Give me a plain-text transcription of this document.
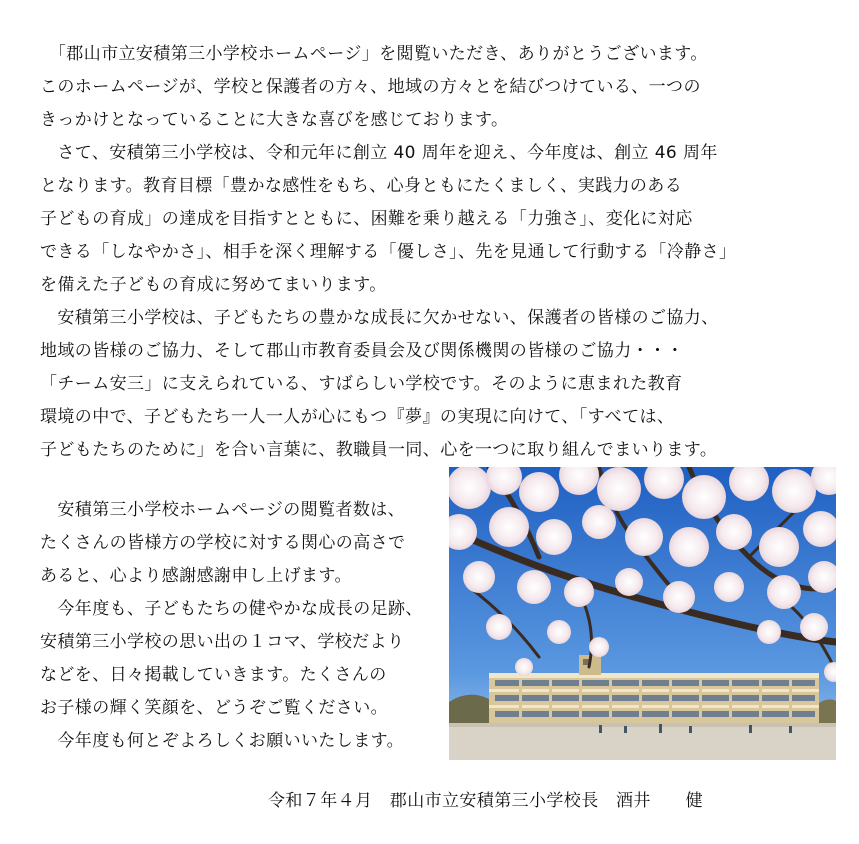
　「郡山市立安積第三小学校ホームページ」を閲覧いただき、ありがとうございます。
このホームページが、学校と保護者の方々、地域の方々とを結びつけている、一つの
きっかけとなっていることに大きな喜びを感じております。
　さて、安積第三小学校は、令和元年に創立 40 周年を迎え、今年度は、創立 46 周年
となります。教育目標「豊かな感性をもち、心身ともにたくましく、実践力のある
子どもの育成」の達成を目指すとともに、困難を乗り越える「力強さ」、変化に対応
できる「しなやかさ」、相手を深く理解する「優しさ」、先を見通して行動する「冷静さ」
を備えた子どもの育成に努めてまいります。
　安積第三小学校は、子どもたちの豊かな成長に欠かせない、保護者の皆様のご協力、
地域の皆様のご協力、そして郡山市教育委員会及び関係機関の皆様のご協力・・・
「チーム安三」に支えられている、すばらしい学校です。そのように恵まれた教育
環境の中で、子どもたち一人一人が心にもつ『夢』の実現に向けて、「すべては、
子どもたちのために」を合い言葉に、教職員一同、心を一つに取り組んでまいります。
　安積第三小学校ホームページの閲覧者数は、
たくさんの皆様方の学校に対する関心の高さで
あると、心より感謝感謝申し上げます。
　今年度も、子どもたちの健やかな成長の足跡、
安積第三小学校の思い出の１コマ、学校だより
などを、日々掲載していきます。たくさんの
お子様の輝く笑顔を、どうぞご覧ください。
　今年度も何とぞよろしくお願いいたします。
令和７年４月　郡山市立安積第三小学校長　酒井　　健
